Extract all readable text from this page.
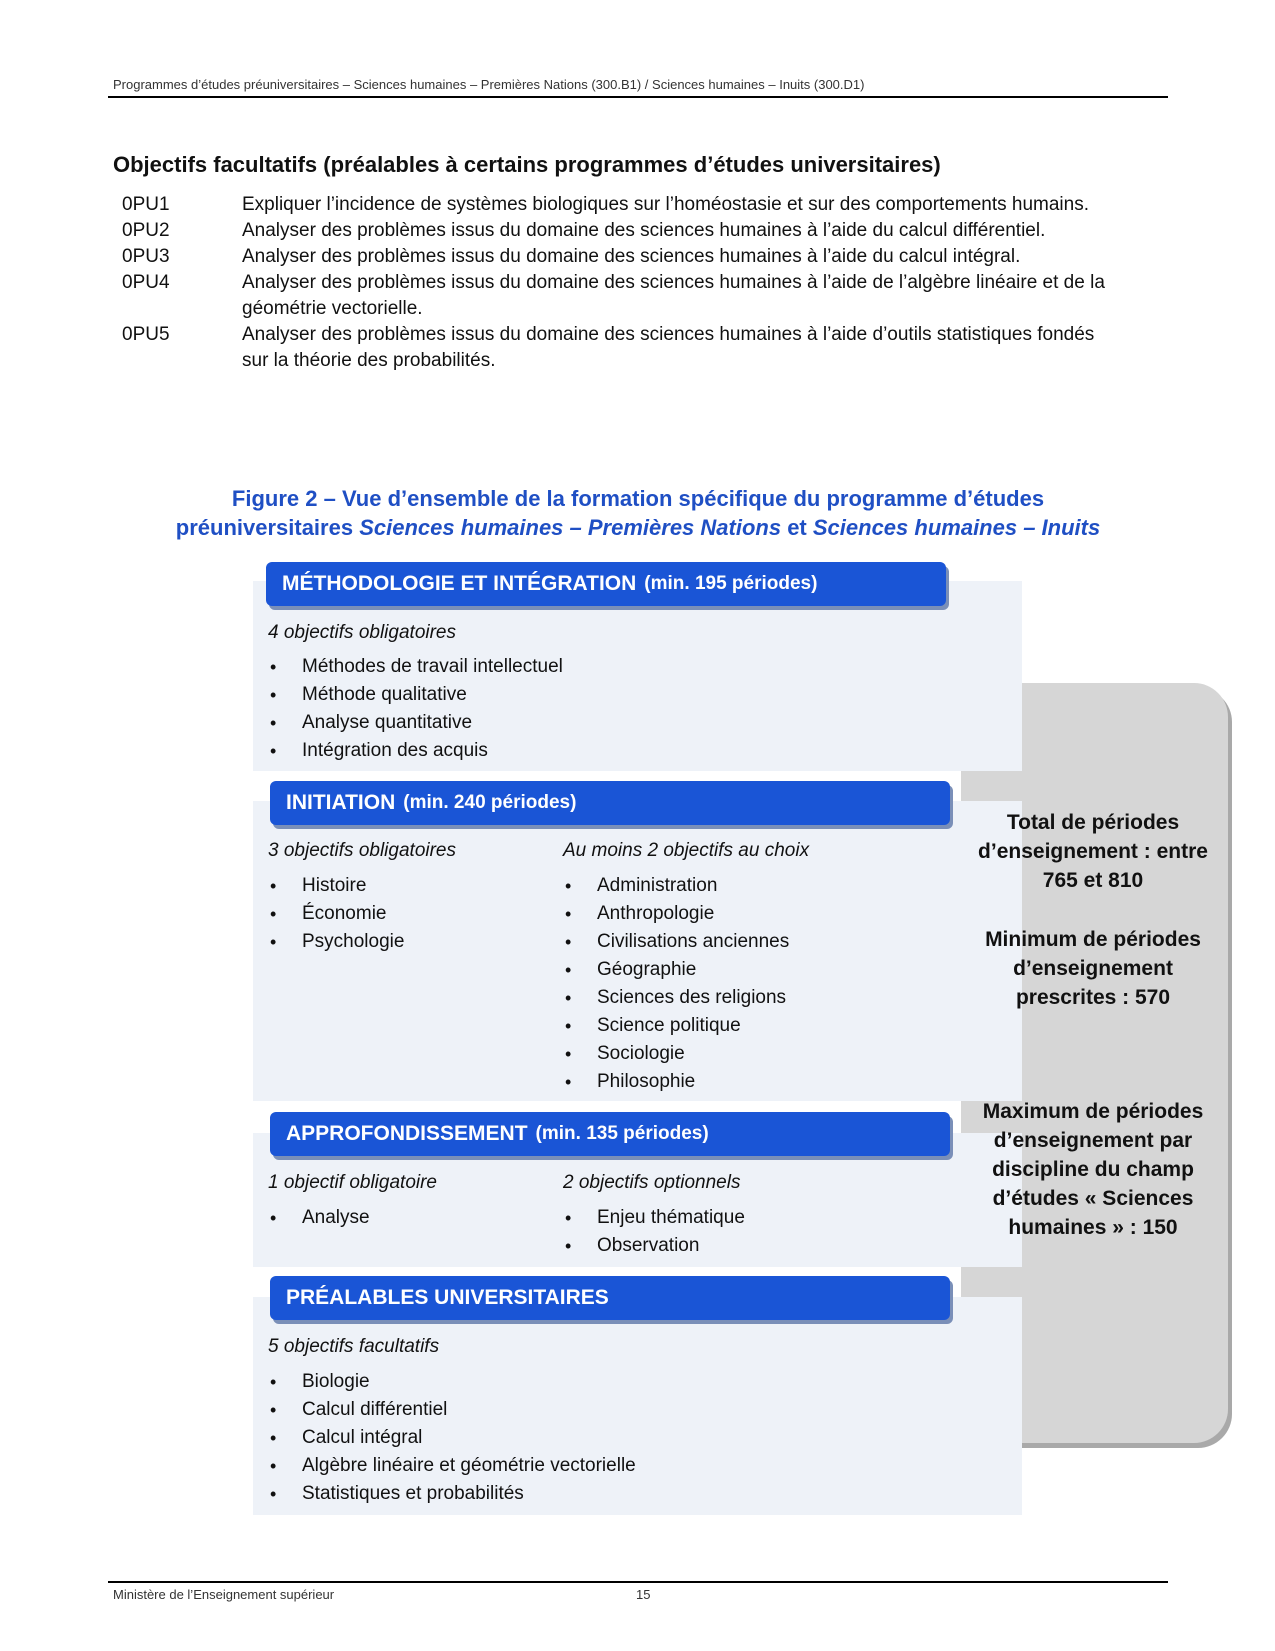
Programmes d’études préuniversitaires – Sciences humaines – Premières Nations (300.B1) / Sciences humaines – Inuits (300.D1)
Objectifs facultatifs (préalables à certains programmes d’études universitaires)
0PU1	Expliquer l’incidence de systèmes biologiques sur l’homéostasie et sur des comportements humains.
0PU2	Analyser des problèmes issus du domaine des sciences humaines à l’aide du calcul différentiel.
0PU3	Analyser des problèmes issus du domaine des sciences humaines à l’aide du calcul intégral.
0PU4	Analyser des problèmes issus du domaine des sciences humaines à l’aide de l’algèbre linéaire et de la géométrie vectorielle.
0PU5	Analyser des problèmes issus du domaine des sciences humaines à l’aide d’outils statistiques fondés sur la théorie des probabilités.
Figure 2 – Vue d’ensemble de la formation spécifique du programme d’études
préuniversitaires Sciences humaines – Premières Nations et Sciences humaines – Inuits
MÉTHODOLOGIE ET INTÉGRATION (min. 195 périodes)
4 objectifs obligatoires
• Méthodes de travail intellectuel
• Méthode qualitative
• Analyse quantitative
• Intégration des acquis
INITIATION (min. 240 périodes)
3 objectifs obligatoires
• Histoire
• Économie
• Psychologie
Au moins 2 objectifs au choix
• Administration
• Anthropologie
• Civilisations anciennes
• Géographie
• Sciences des religions
• Science politique
• Sociologie
• Philosophie
APPROFONDISSEMENT (min. 135 périodes)
1 objectif obligatoire
• Analyse
2 objectifs optionnels
• Enjeu thématique
• Observation
PRÉALABLES UNIVERSITAIRES
5 objectifs facultatifs
• Biologie
• Calcul différentiel
• Calcul intégral
• Algèbre linéaire et géométrie vectorielle
• Statistiques et probabilités
Total de périodes d’enseignement : entre 765 et 810
Minimum de périodes d’enseignement prescrites : 570
Maximum de périodes d’enseignement par discipline du champ d’études « Sciences humaines » : 150
Ministère de l’Enseignement supérieur	15
